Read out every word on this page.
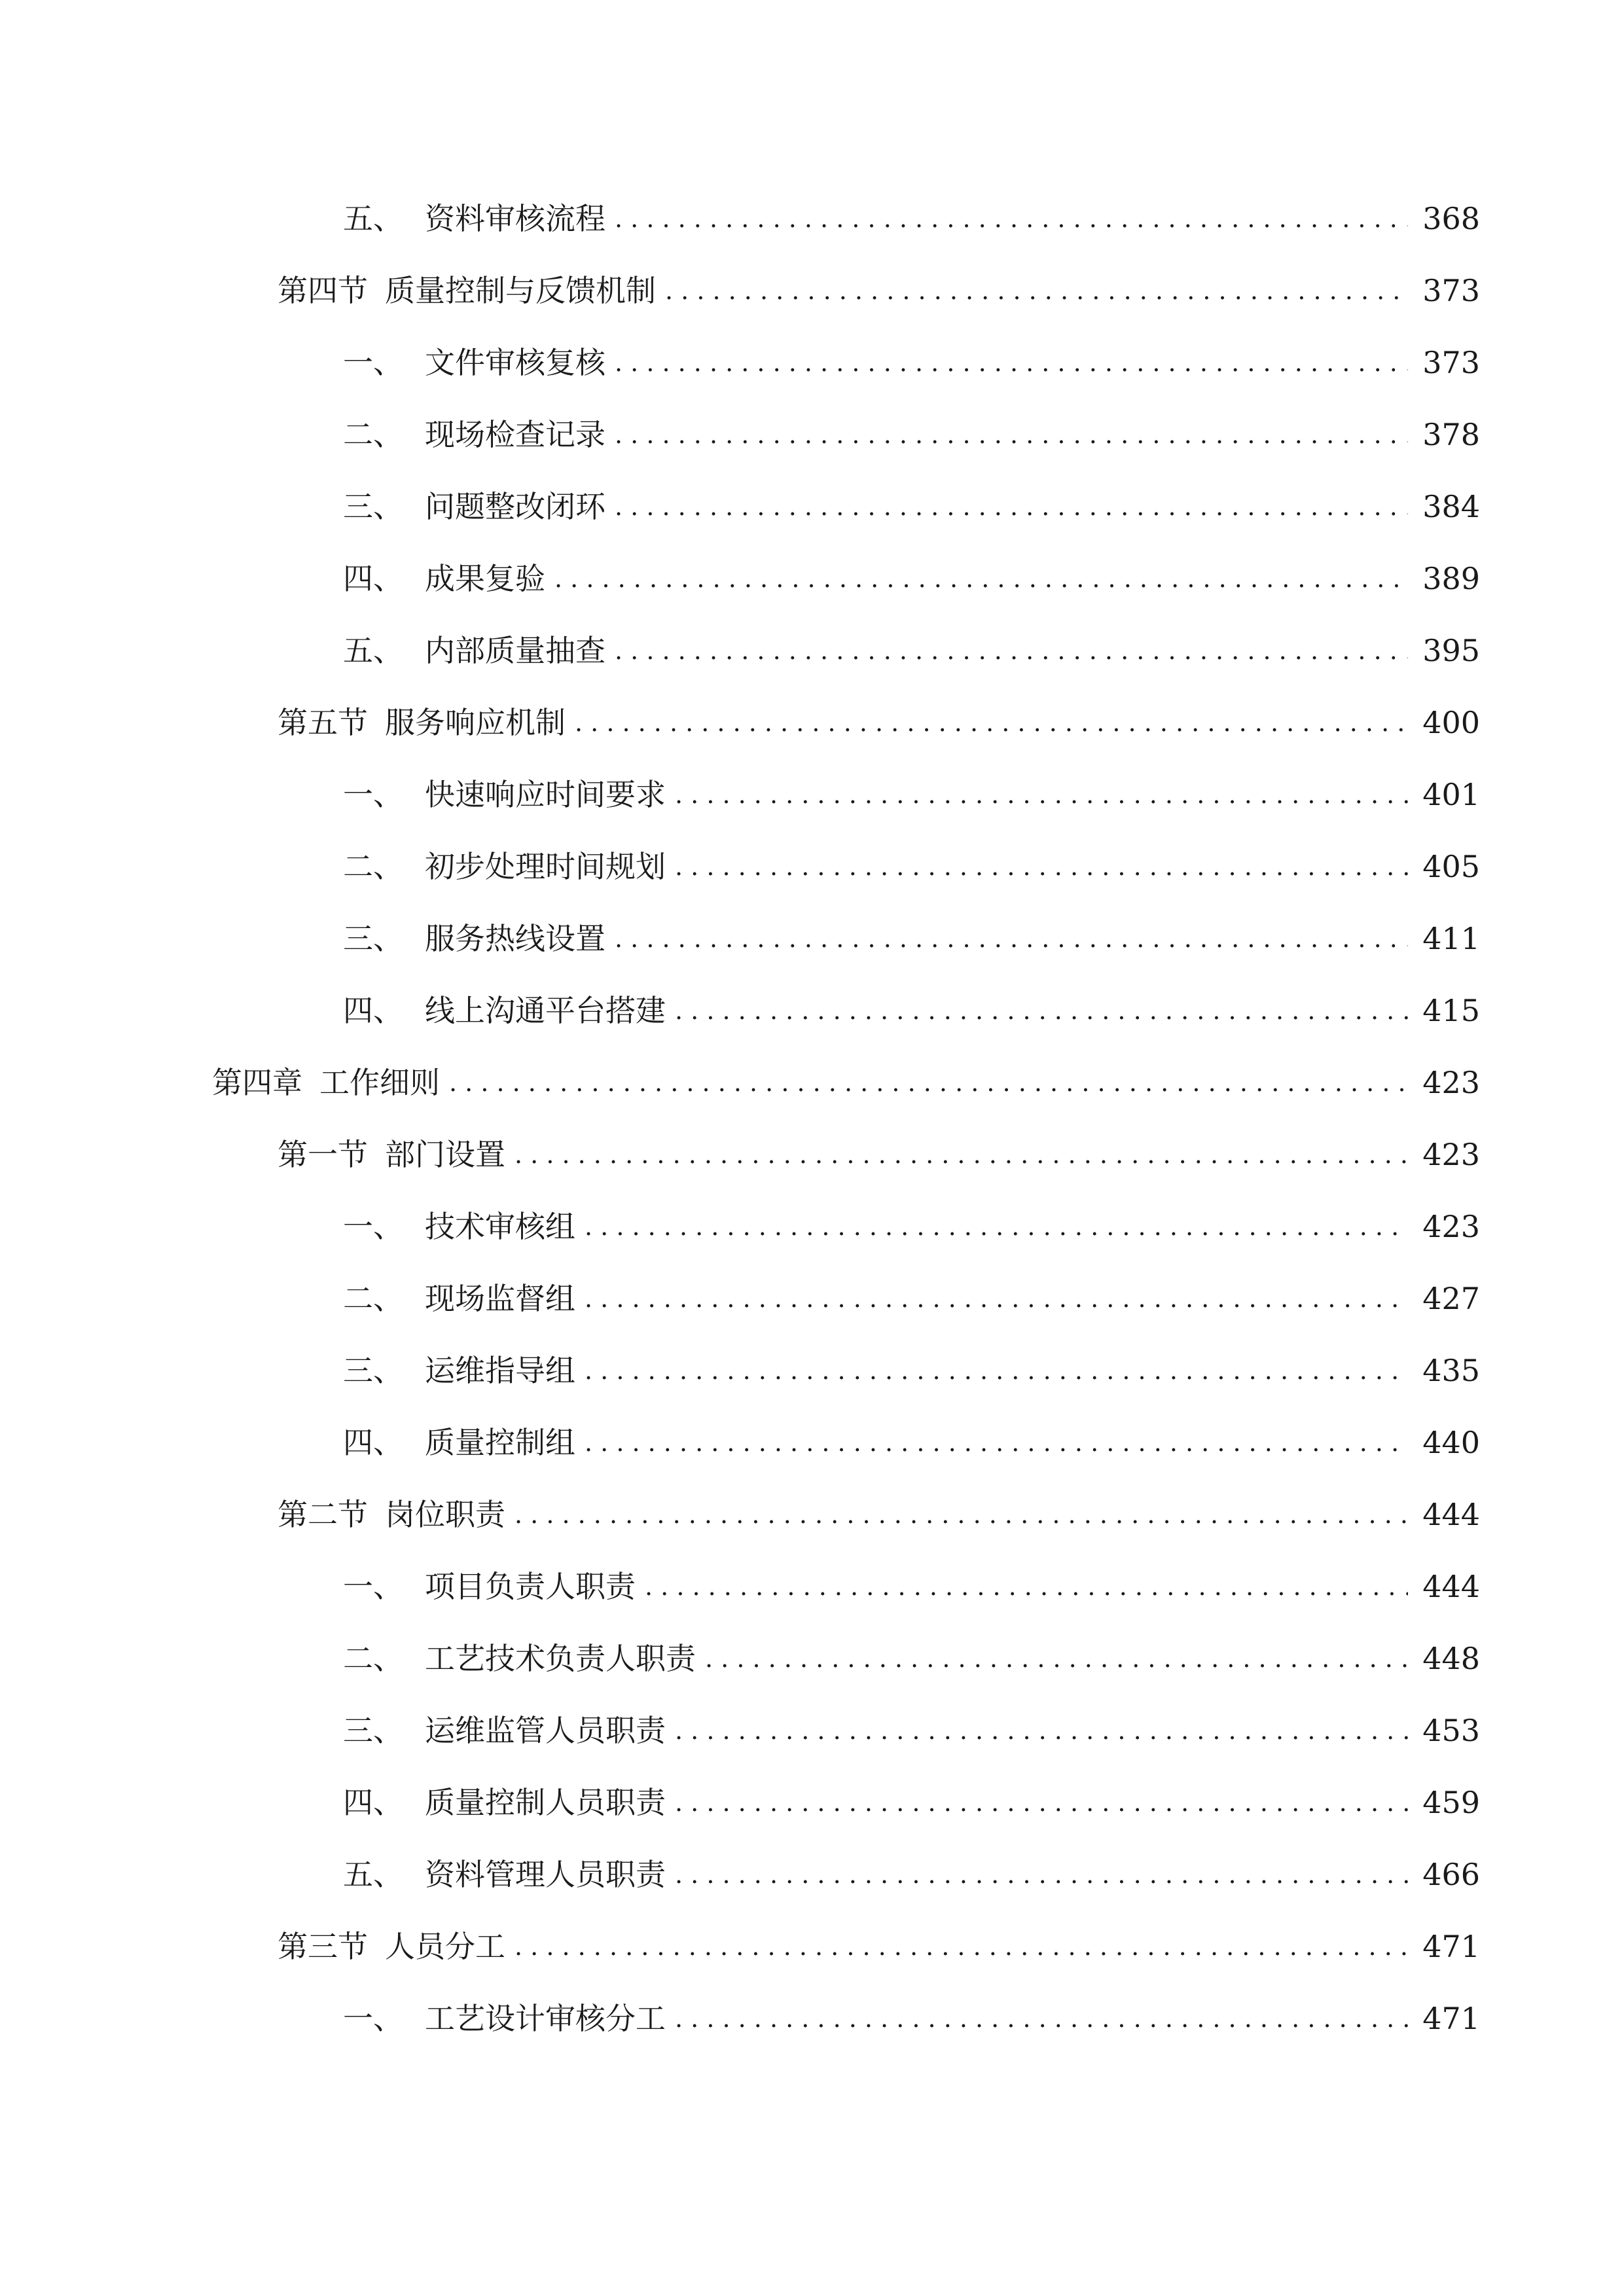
五、 资料审核流程 . . .	368
第四节 质量控制与反馈机制 . . .	373
一、 文件审核复核 . . .	373
二、 现场检查记录 . . .	378
三、 问题整改闭环 . . .	384
四、 成果复验 . . .	389
五、 内部质量抽查 . . .	395
第五节 服务响应机制 . . .	400
一、 快速响应时间要求 . . .	401
二、 初步处理时间规划 . . .	405
三、 服务热线设置 . . .	411
四、 线上沟通平台搭建 . . .	415
第四章 工作细则 . . .	423
第一节 部门设置 . . .	423
一、 技术审核组 . . .	423
二、 现场监督组 . . .	427
三、 运维指导组 . . .	435
四、 质量控制组 . . .	440
第二节 岗位职责 . . .	444
一、 项目负责人职责 . . .	444
二、 工艺技术负责人职责 . . .	448
三、 运维监管人员职责 . . .	453
四、 质量控制人员职责 . . .	459
五、 资料管理人员职责 . . .	466
第三节 人员分工 . . .	471
一、 工艺设计审核分工 . . .	471
